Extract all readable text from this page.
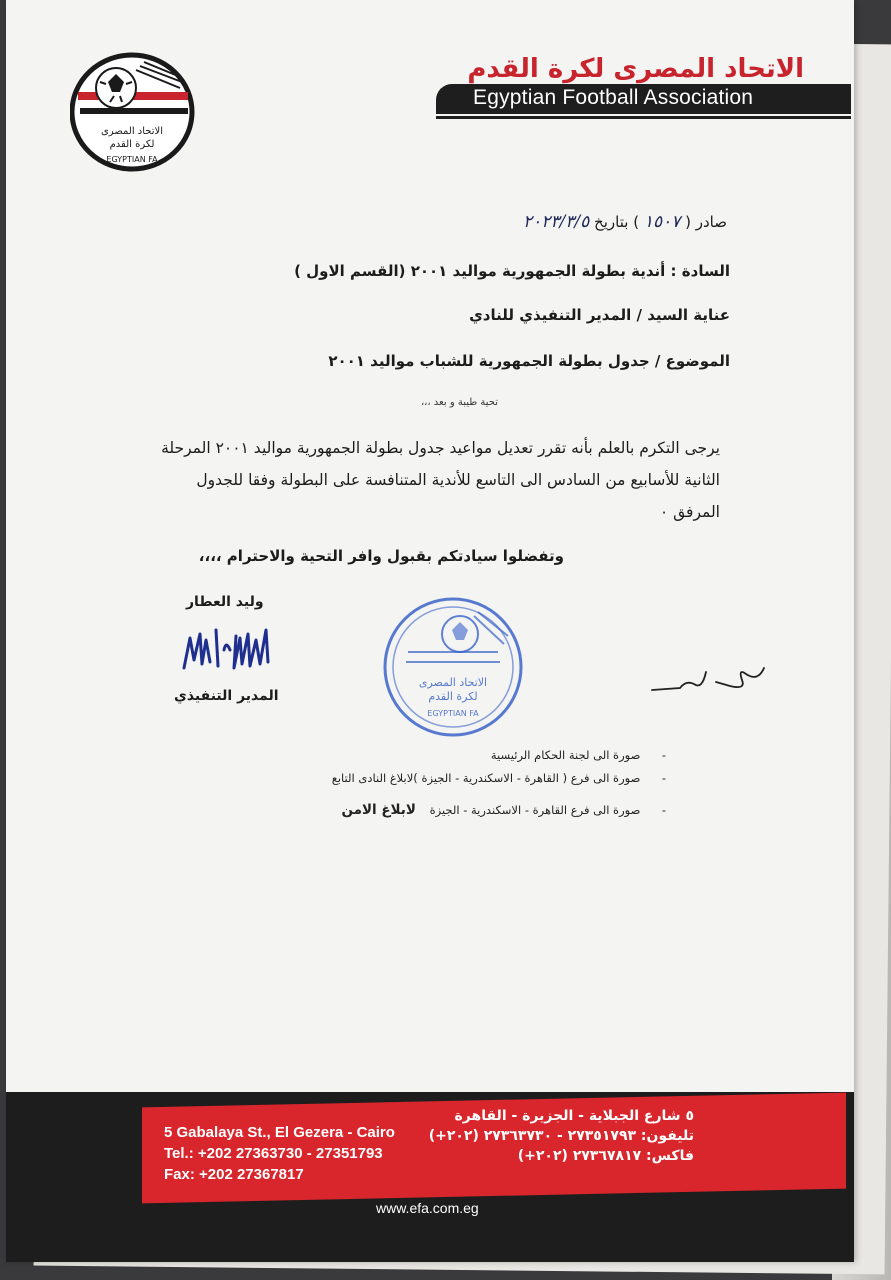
الاتحاد المصرى
لكرة القدم
EGYPTIAN FA
الاتحاد المصرى لكرة القدم
Egyptian Football Association
صادر ( ١٥٠٧ ) بتاريخ ٢٠٢٣/٣/٥
السادة : أندية بطولة الجمهورية مواليد ٢٠٠١ (القسم الاول )
عناية السيد / المدير التنفيذي للنادي
الموضوع / جدول بطولة الجمهورية للشباب مواليد ٢٠٠١
تحية طيبة و بعد ،،،
يرجى التكرم بالعلم بأنه تقرر تعديل مواعيد جدول بطولة الجمهورية مواليد ٢٠٠١ المرحلة الثانية للأسابيع من السادس الى التاسع للأندية المتنافسة على البطولة وفقا للجدول المرفق ٠
وتفضلوا سيادتكم بقبول وافر التحية والاحترام ،،،،
وليد العطار
المدير التنفيذي
الاتحاد المصرى
لكرة القدم
EGYPTIAN FA
- صورة الى لجنة الحكام الرئيسية
- صورة الى فرع ( القاهرة - الاسكندرية - الجيزة )لابلاغ النادى التابع
- صورة الى فرع القاهرة - الاسكندرية - الجيزة لابلاغ الامن
5 Gabalaya St., El Gezera - Cairo
Tel.: +202 27363730 - 27351793
Fax: +202 27367817
٥ شارع الجبلاية - الجزيرة - القاهرة
تليفون: ٢٧٣٥١٧٩٣ - ٢٧٣٦٣٧٣٠ (٢٠٢+)
فاكس: ٢٧٣٦٧٨١٧ (٢٠٢+)
www.efa.com.eg
